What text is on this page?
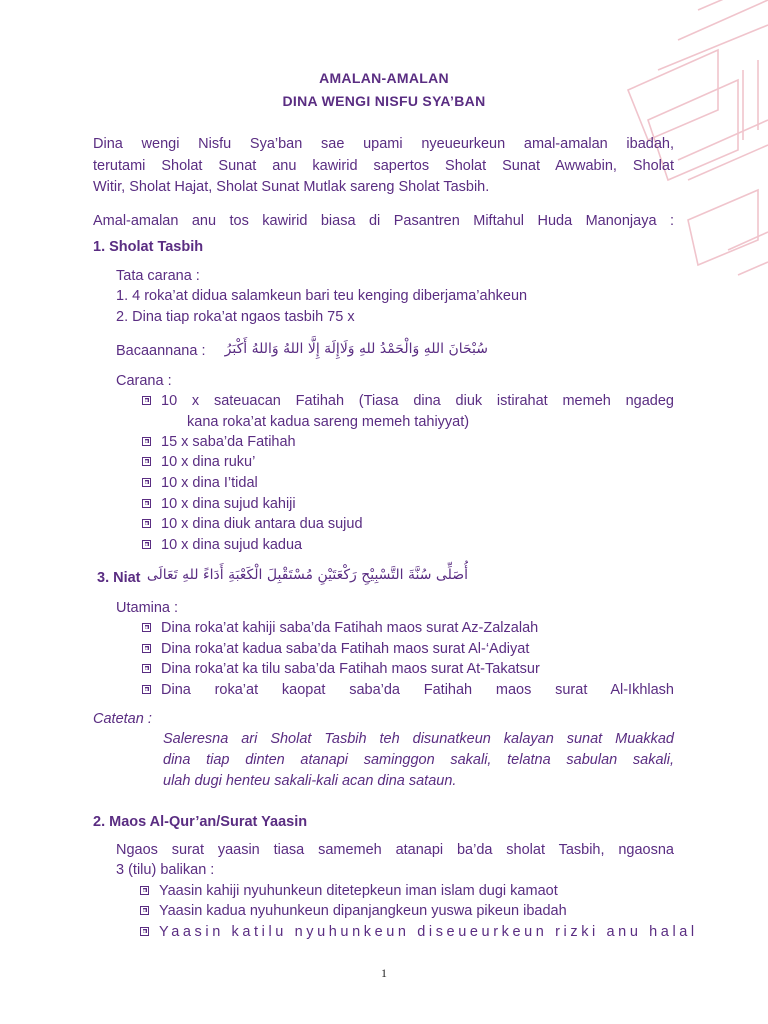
AMALAN-AMALAN
DINA WENGI NISFU SYA’BAN
Dina wengi Nisfu Sya’ban sae upami nyeueurkeun amal-amalan ibadah,
terutami Sholat Sunat anu kawirid sapertos Sholat Sunat Awwabin, Sholat
Witir, Sholat Hajat, Sholat Sunat Mutlak sareng Sholat Tasbih.
Amal-amalan anu tos kawirid biasa di Pasantren Miftahul Huda Manonjaya :
1. Sholat Tasbih
Tata carana :
1. 4 roka’at didua salamkeun bari teu kenging diberjama’ahkeun
2. Dina tiap roka’at ngaos tasbih 75 x
Bacaannana :	سُبْحَانَ اللهِ وَالْحَمْدُ للهِ وَلَاإِلَهَ إِلَّا اللهُ وَاللهُ أَكْبَرُ
Carana :
10 x sateuacan Fatihah (Tiasa dina diuk istirahat memeh ngadeg
kana roka’at kadua sareng memeh tahiyyat)
15 x saba’da Fatihah
10 x dina ruku’
10 x dina I’tidal
10 x dina sujud kahiji
10 x dina diuk antara dua sujud
10 x dina sujud kadua
3. Niat أُصَلِّى سُنَّةَ التَّسْبِيْحِ رَكْعَتَيْنِ مُسْتَقْبِلَ الْكَعْبَةِ أَدَاءً للهِ تَعَالَى
Utamina :
Dina roka’at kahiji saba’da Fatihah maos surat Az-Zalzalah
Dina roka’at kadua saba’da Fatihah maos surat Al-‘Adiyat
Dina roka’at ka tilu saba’da Fatihah maos surat At-Takatsur
Dina roka’at kaopat saba’da Fatihah maos surat Al-Ikhlash
Catetan :
Saleresna ari Sholat Tasbih teh disunatkeun kalayan sunat Muakkad
dina tiap dinten atanapi saminggon sakali, telatna sabulan sakali,
ulah dugi henteu sakali-kali acan dina sataun.
2. Maos Al-Qur’an/Surat Yaasin
Ngaos surat yaasin tiasa samemeh atanapi ba’da sholat Tasbih, ngaosna
3 (tilu) balikan :
Yaasin kahiji nyuhunkeun ditetepkeun iman islam dugi kamaot
Yaasin kadua nyuhunkeun dipanjangkeun yuswa pikeun ibadah
Yaasin katilu nyuhunkeun diseueurkeun rizki anu halal
1
